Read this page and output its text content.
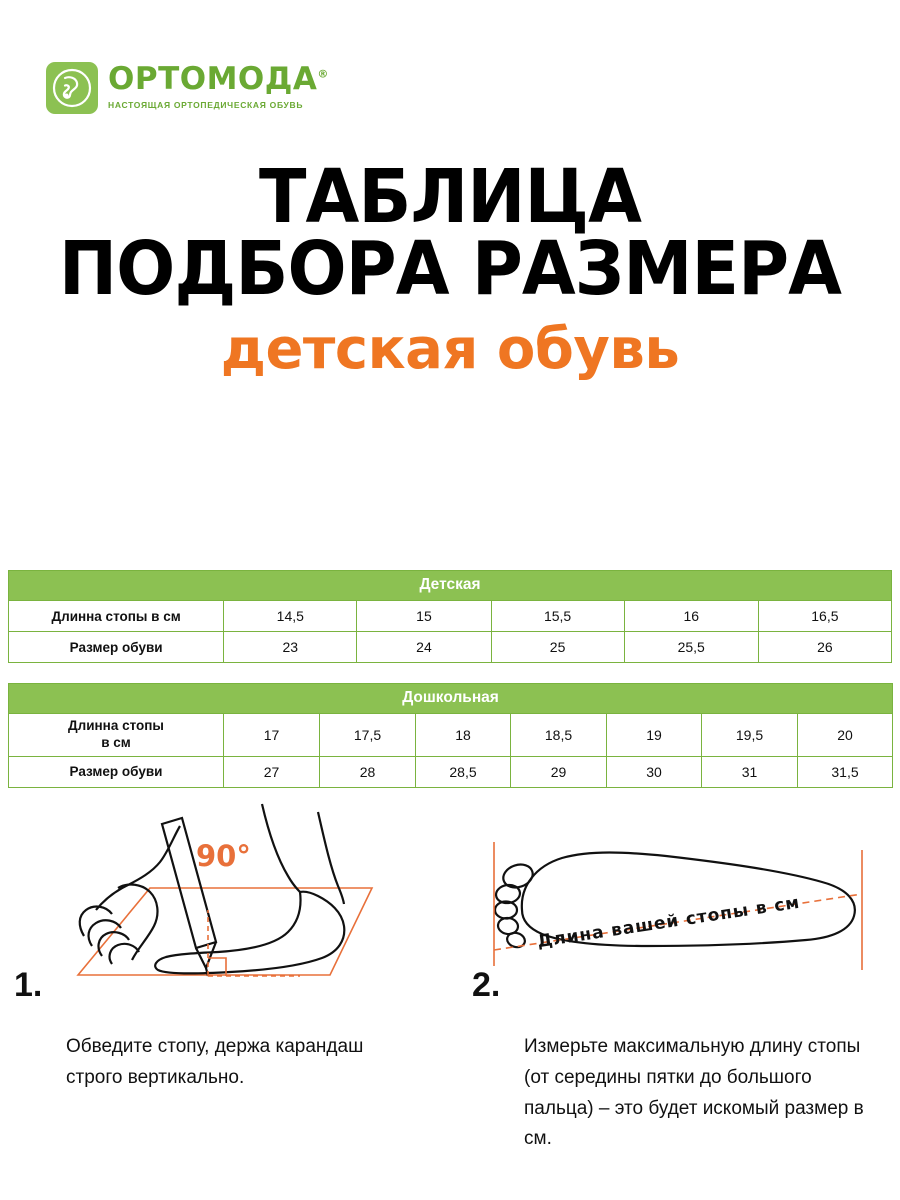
ОРТОМОДА®
НАСТОЯЩАЯ ОРТОПЕДИЧЕСКАЯ ОБУВЬ
ТАБЛИЦА
ПОДБОРА РАЗМЕРА
детская обувь
Детская					
Длинна стопы в см	14,5	15	15,5	16	16,5
Размер обуви	23	24	25	25,5	26
Дошкольная							

Длинна стопы
в см	17	17,5	18	18,5	19	19,5	20
Размер обуви	27	28	28,5	29	30	31	31,5
90°
1.
Обведите стопу, держа карандаш строго вертикально.
Длина вашей стопы в см
2.
Измерьте максимальную длину стопы (от середины пятки до большого пальца) – это будет искомый размер в см.
